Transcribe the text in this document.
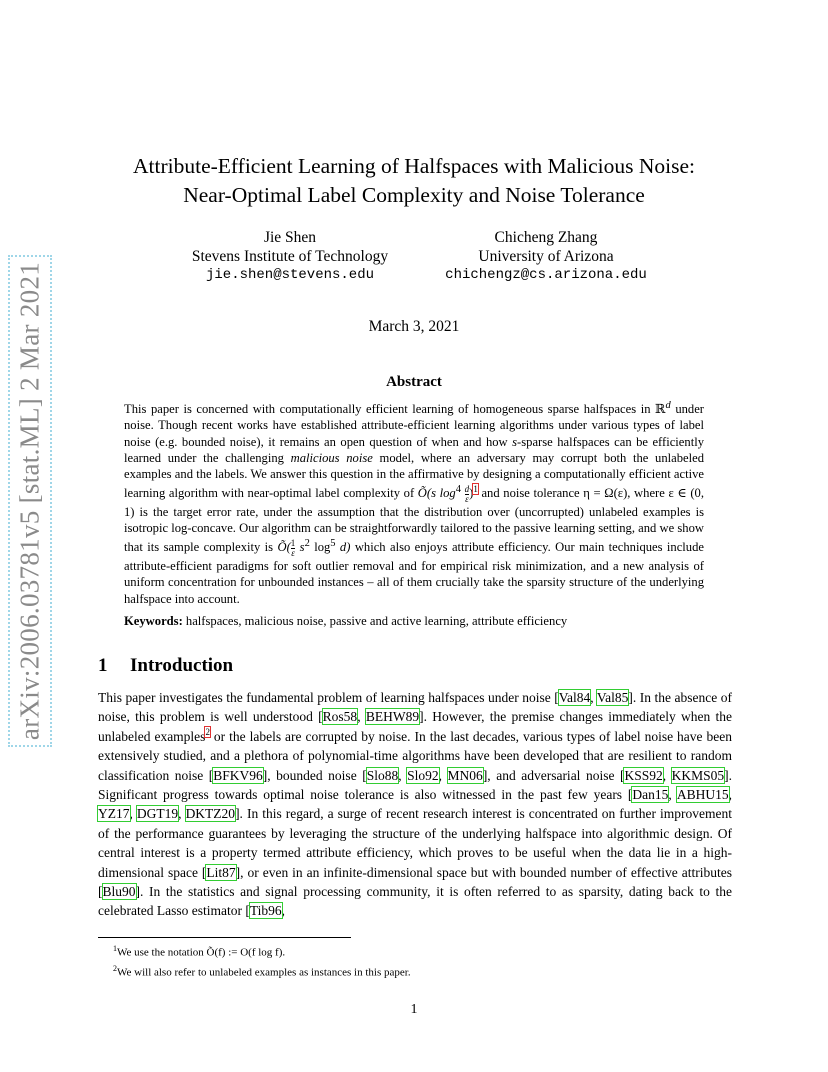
arXiv:2006.03781v5 [stat.ML] 2 Mar 2021
Attribute-Efficient Learning of Halfspaces with Malicious Noise:
Near-Optimal Label Complexity and Noise Tolerance
Jie Shen
Stevens Institute of Technology
jie.shen@stevens.edu
Chicheng Zhang
University of Arizona
chichengz@cs.arizona.edu
March 3, 2021
Abstract

This paper is concerned with computationally efficient learning of homogeneous sparse halfspaces in ℝ$^d$ under noise. Though recent works have established attribute-efficient learning algorithms under various types of label noise (e.g. bounded noise), it remains an open question of when and how s-sparse halfspaces can be efficiently learned under the challenging malicious noise model, where an adversary may corrupt both the unlabeled examples and the labels. We answer this question in the affirmative by designing a computationally efficient active learning algorithm with near-optimal label complexity of Õ(s $\log^4 \frac{d}{\varepsilon} )^1$ and noise tolerance η = Ω(ε), where ε ∈ (0, 1) is the target error rate, under the assumption that the distribution over (uncorrupted) unlabeled examples is isotropic log-concave. Our algorithm can be straightforwardly tailored to the passive learning setting, and we show that its sample complexity is Õ( $\frac{1}{\varepsilon} s^2$ $\log^5 d$) which also enjoys attribute efficiency. Our main techniques include attribute-efficient paradigms for soft outlier removal and for empirical risk minimization, and a new analysis of uniform concentration for unbounded instances – all of them crucially take the sparsity structure of the underlying halfspace into account.

Keywords: halfspaces, malicious noise, passive and active learning, attribute efficiency
1 Introduction

This paper investigates the fundamental problem of learning halfspaces under noise [Val84, Val85]. In the absence of noise, this problem is well understood [Ros58, BEHW89]. However, the premise changes immediately when the unlabeled examples$^2$ or the labels are corrupted by noise. In the last decades, various types of label noise have been extensively studied, and a plethora of polynomial-time algorithms have been developed that are resilient to random classification noise [BFKV96], bounded noise [Slo88, Slo92, MN06], and adversarial noise [KSS92, KKMS05]. Significant progress towards optimal noise tolerance is also witnessed in the past few years [Dan15, ABHU15, YZ17, DGT19, DKTZ20]. In this regard, a surge of recent research interest is concentrated on further improvement of the performance guarantees by leveraging the structure of the underlying halfspace into algorithmic design. Of central interest is a property termed attribute efficiency, which proves to be useful when the data lie in a high-dimensional space [Lit87], or even in an infinite-dimensional space but with bounded number of effective attributes [Blu90]. In the statistics and signal processing community, it is often referred to as sparsity, dating back to the celebrated Lasso estimator [Tib96,

$^1$We use the notation Õ(f) := O(f log f).
$^2$We will also refer to unlabeled examples as instances in this paper.
1
